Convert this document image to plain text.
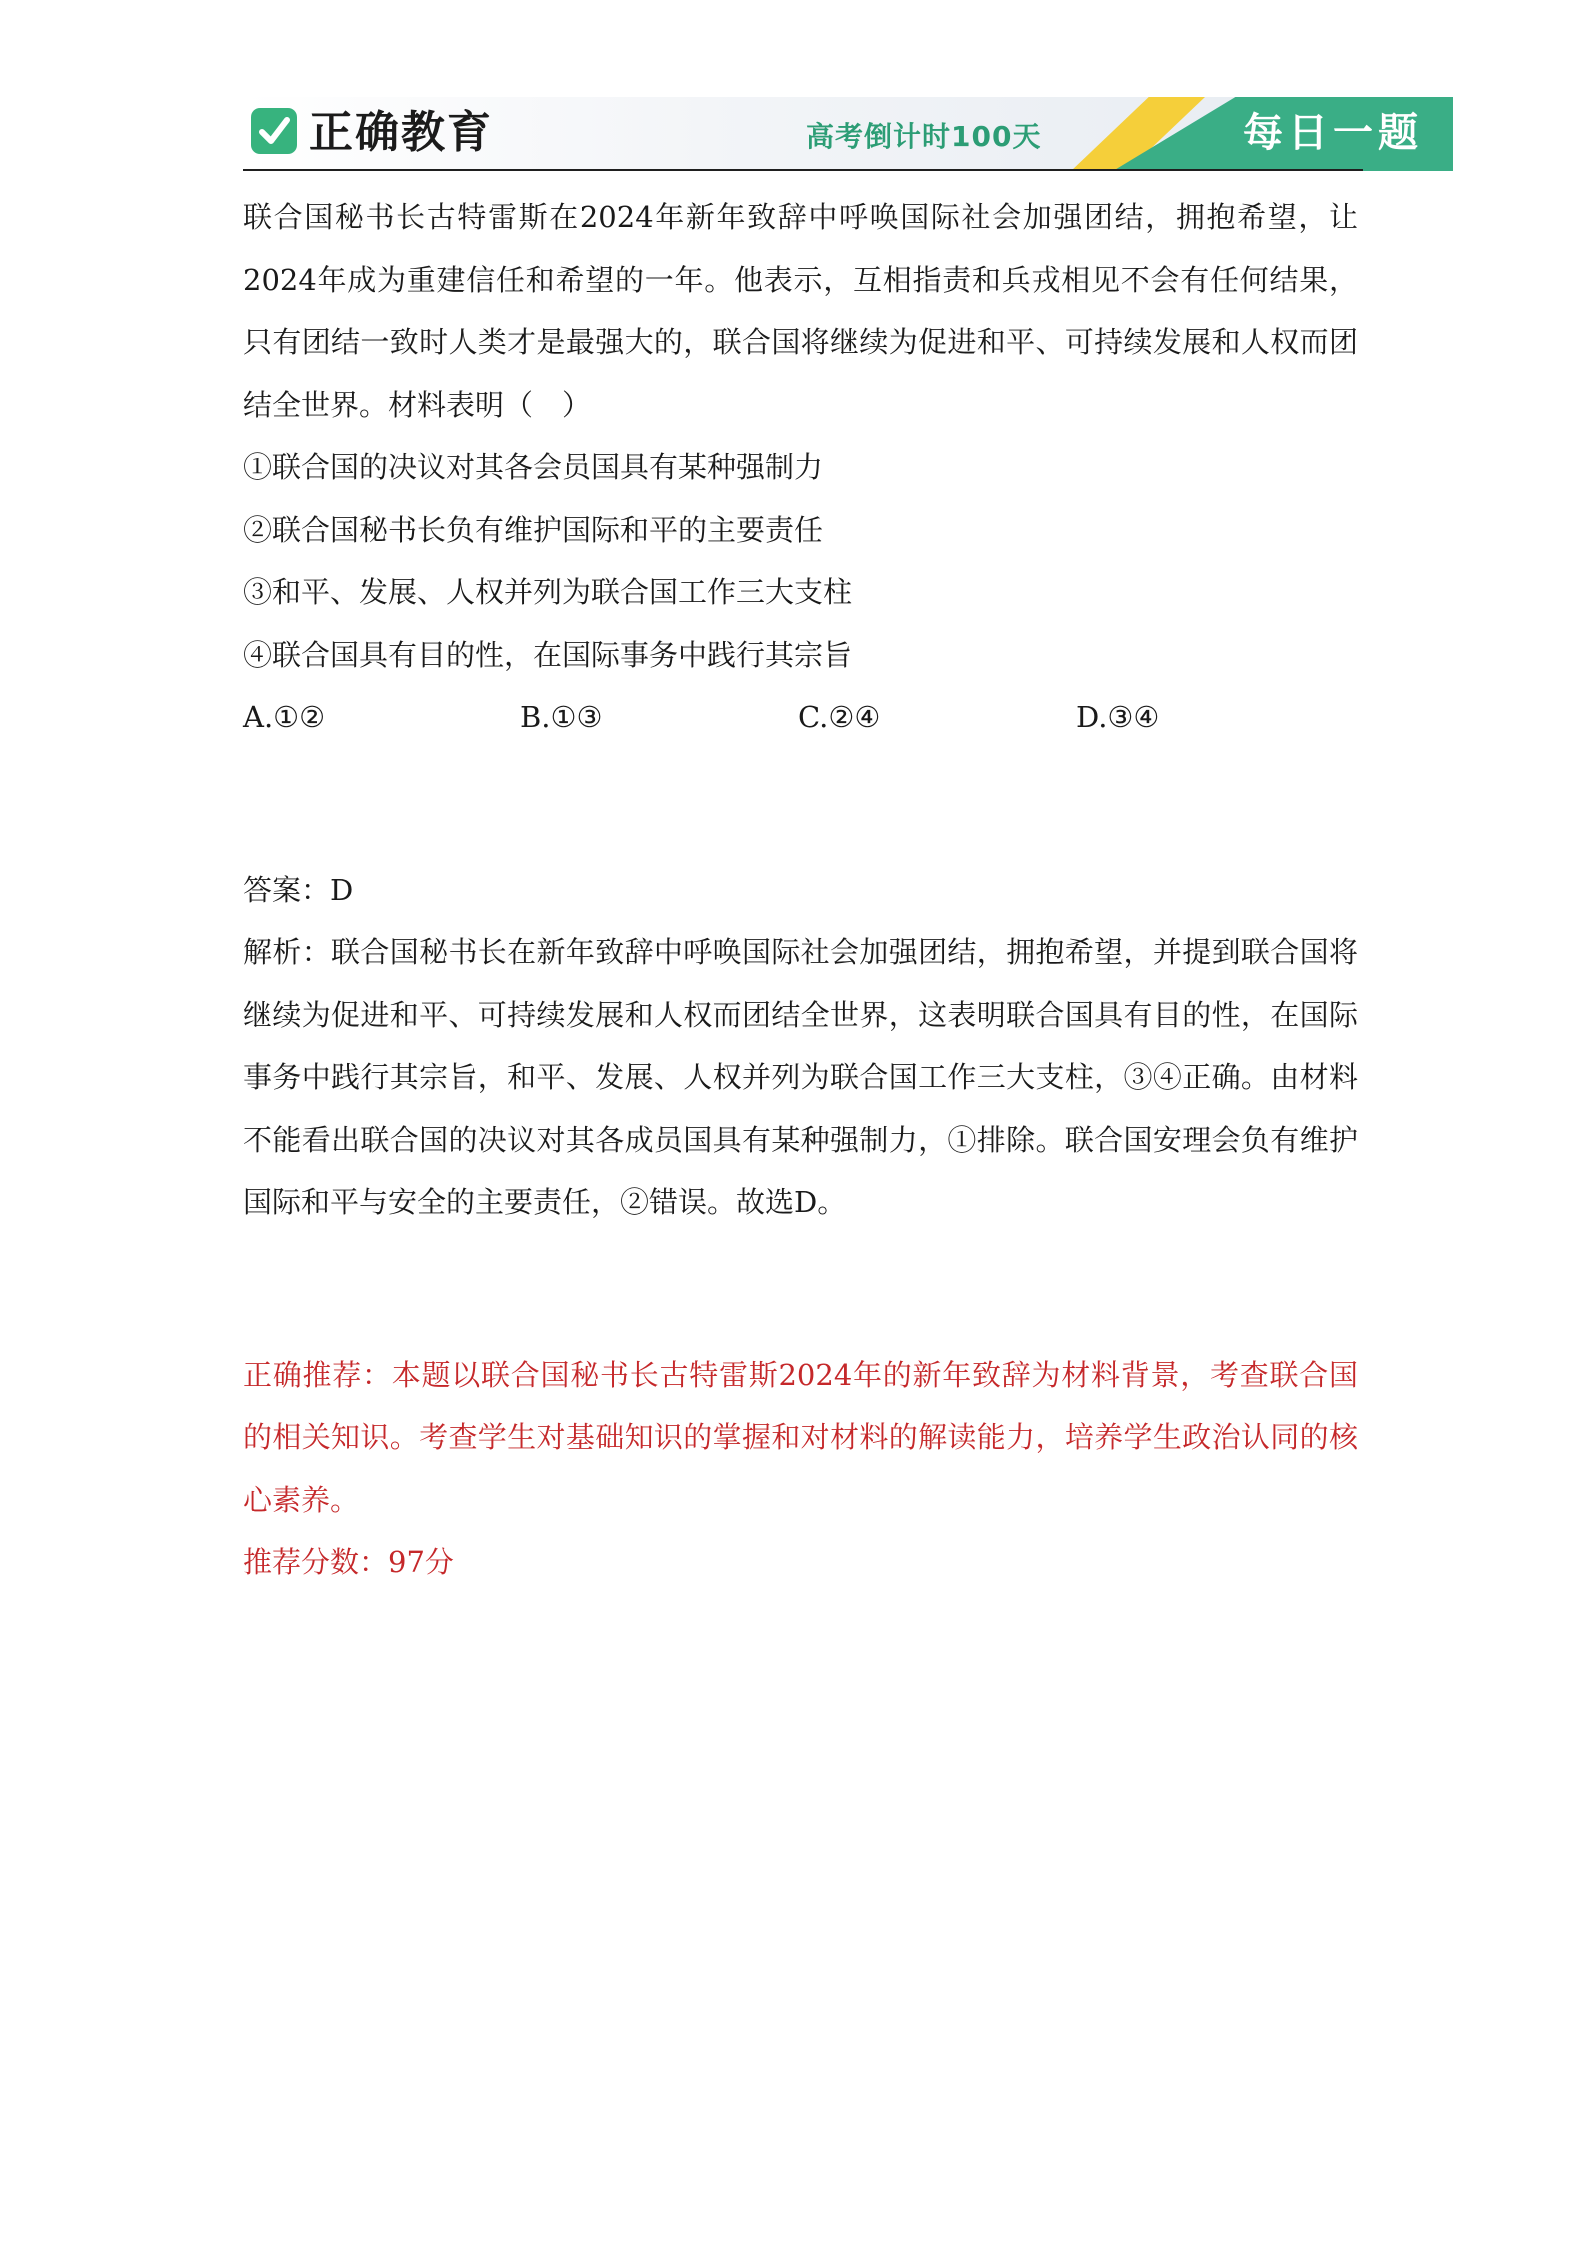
正确教育	高考倒计时100天	每日一题

联合国秘书长古特雷斯在2024年新年致辞中呼唤国际社会加强团结，拥抱希望，让2024年成为重建信任和希望的一年。他表示，互相指责和兵戎相见不会有任何结果，只有团结一致时人类才是最强大的，联合国将继续为促进和平、可持续发展和人权而团结全世界。材料表明（　）

①联合国的决议对其各会员国具有某种强制力

②联合国秘书长负有维护国际和平的主要责任

③和平、发展、人权并列为联合国工作三大支柱

④联合国具有目的性，在国际事务中践行其宗旨

A.①②	B.①③	C.②④	D.③④

答案：D

解析：联合国秘书长在新年致辞中呼唤国际社会加强团结，拥抱希望，并提到联合国将继续为促进和平、可持续发展和人权而团结全世界，这表明联合国具有目的性，在国际事务中践行其宗旨，和平、发展、人权并列为联合国工作三大支柱，③④正确。由材料不能看出联合国的决议对其各成员国具有某种强制力，①排除。联合国安理会负有维护国际和平与安全的主要责任，②错误。故选D。

正确推荐：本题以联合国秘书长古特雷斯2024年的新年致辞为材料背景，考查联合国的相关知识。考查学生对基础知识的掌握和对材料的解读能力，培养学生政治认同的核心素养。

推荐分数：97分
